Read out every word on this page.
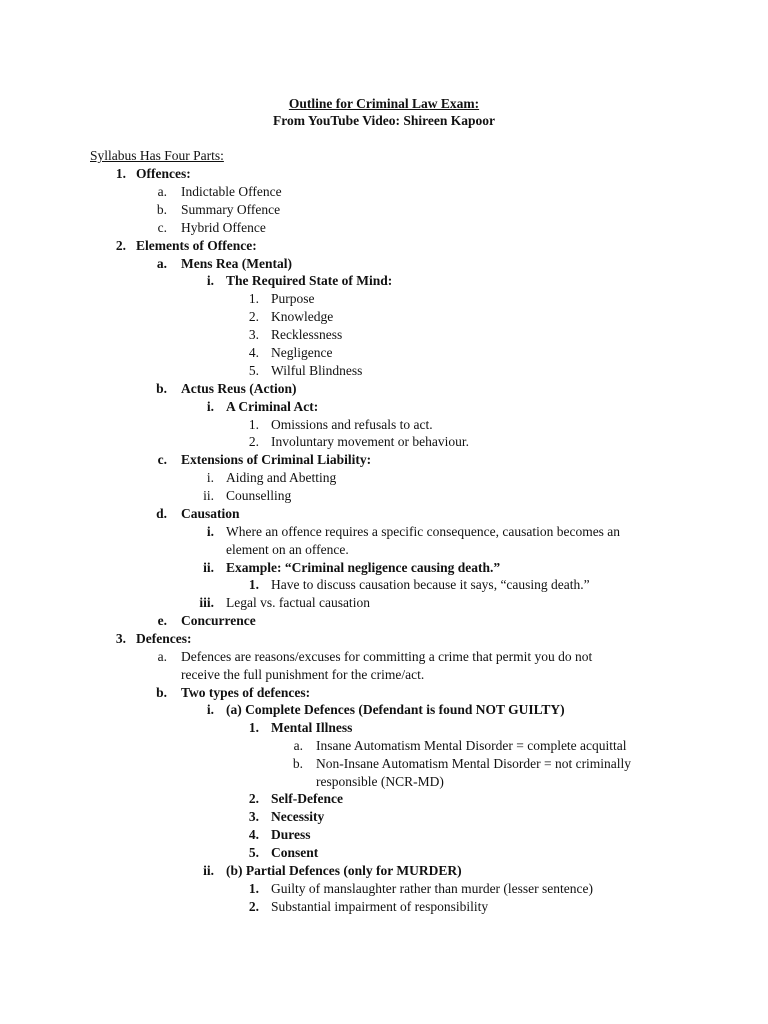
Outline for Criminal Law Exam:
From YouTube Video: Shireen Kapoor
Syllabus Has Four Parts:
1. Offences:
a. Indictable Offence
b. Summary Offence
c. Hybrid Offence
2. Elements of Offence:
a. Mens Rea (Mental)
i. The Required State of Mind:
1. Purpose
2. Knowledge
3. Recklessness
4. Negligence
5. Wilful Blindness
b. Actus Reus (Action)
i. A Criminal Act:
1. Omissions and refusals to act.
2. Involuntary movement or behaviour.
c. Extensions of Criminal Liability:
i. Aiding and Abetting
ii. Counselling
d. Causation
i. Where an offence requires a specific consequence, causation becomes an
element on an offence.
ii. Example: “Criminal negligence causing death.”
1. Have to discuss causation because it says, “causing death.”
iii. Legal vs. factual causation
e. Concurrence
3. Defences:
a. Defences are reasons/excuses for committing a crime that permit you do not
receive the full punishment for the crime/act.
b. Two types of defences:
i. (a) Complete Defences (Defendant is found NOT GUILTY)
1. Mental Illness
a. Insane Automatism Mental Disorder = complete acquittal
b. Non-Insane Automatism Mental Disorder = not criminally
responsible (NCR-MD)
2. Self-Defence
3. Necessity
4. Duress
5. Consent
ii. (b) Partial Defences (only for MURDER)
1. Guilty of manslaughter rather than murder (lesser sentence)
2. Substantial impairment of responsibility
